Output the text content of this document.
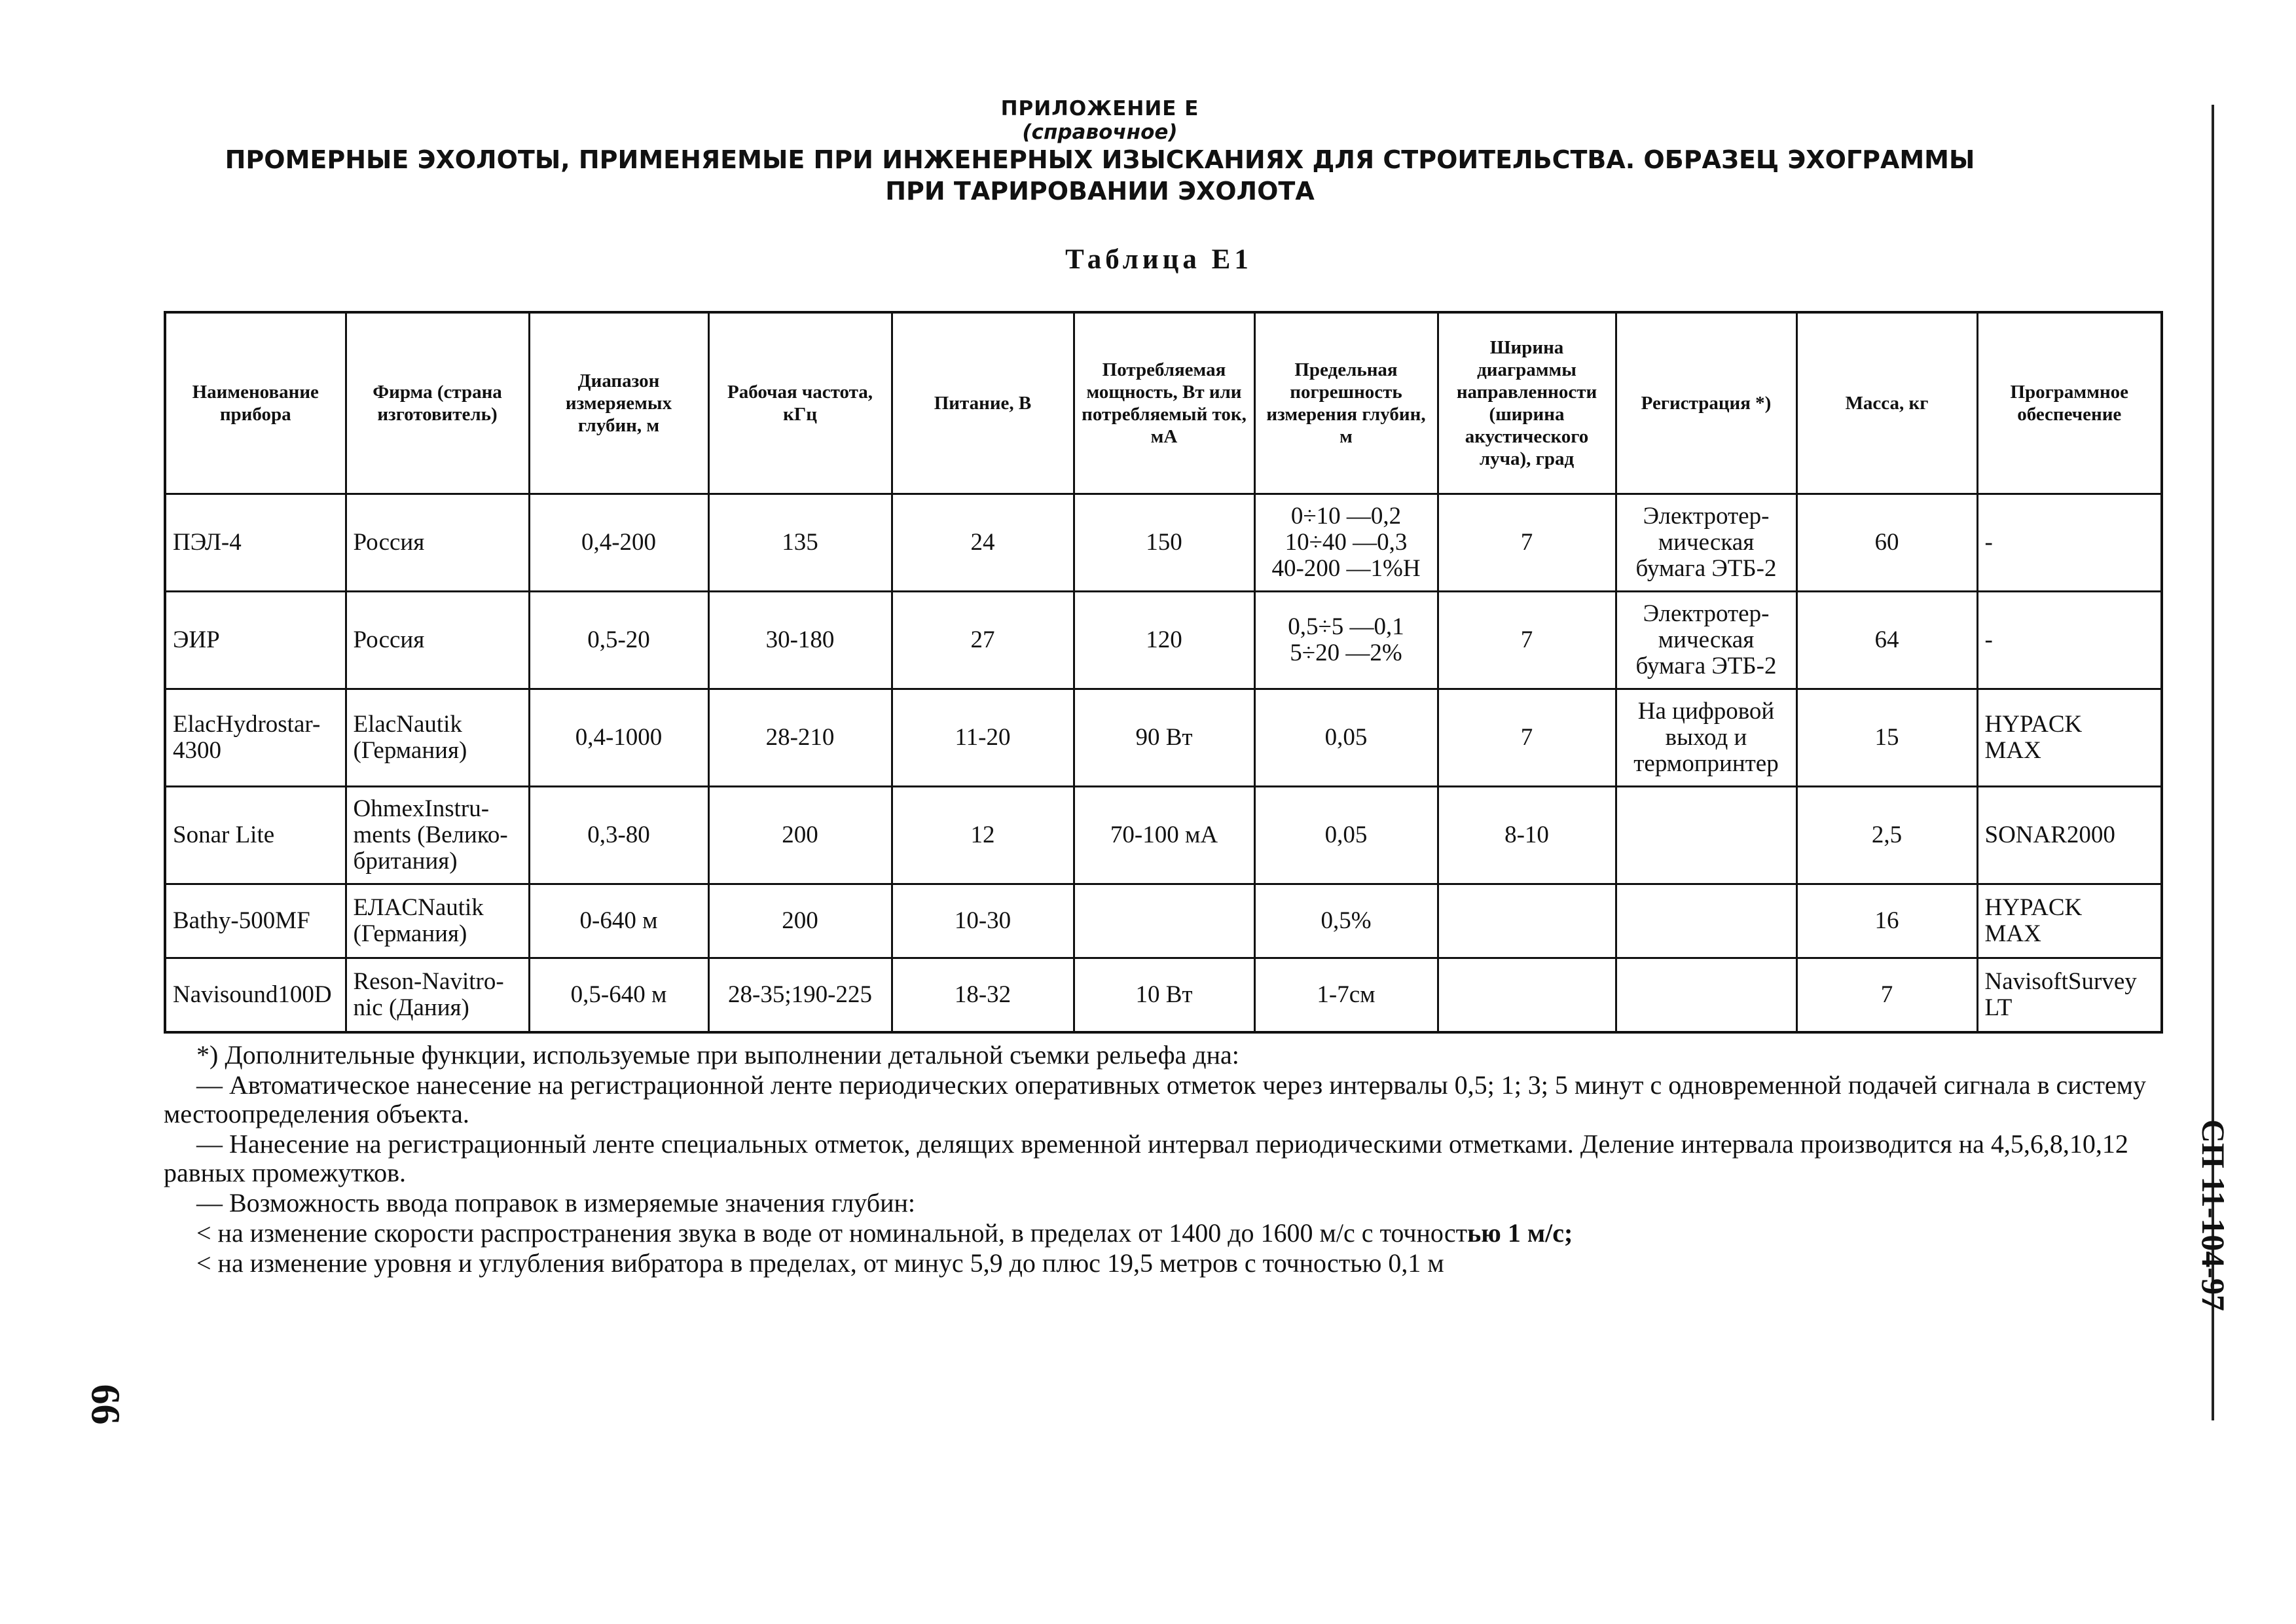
ПРИЛОЖЕНИЕ Е
(справочное)
ПРОМЕРНЫЕ ЭХОЛОТЫ, ПРИМЕНЯЕМЫЕ ПРИ ИНЖЕНЕРНЫХ ИЗЫСКАНИЯХ ДЛЯ СТРОИТЕЛЬСТВА. ОБРАЗЕЦ ЭХОГРАММЫ
ПРИ ТАРИРОВАНИИ ЭХОЛОТА
Таблица Е1
СП 11-104-97
66
Наименование прибора	Фирма (страна изготовитель)	Диапазон измеряемых глубин, м	Рабочая частота, кГц	Питание, В	Потребляемая мощность, Вт или потребляемый ток, мА	Предельная погрешность измерения глубин, м	Ширина диаграммы направленности (ширина акустического луча), град	Регистрация *)	Масса, кг	Программное обеспечение
ПЭЛ-4	Россия	0,4-200	135	24	150	0÷10 —0,2
10÷40 —0,3
40-200 —1%Н	7	Электротер-
мическая
бумага ЭТБ-2	60	-
ЭИР	Россия	0,5-20	30-180	27	120	0,5÷5 —0,1
5÷20 —2%	7	Электротер-
мическая
бумага ЭТБ-2	64	-
ElacHydrostar-
4300	ElacNautik
(Германия)	0,4-1000	28-210	11-20	90 Вт	0,05	7	На цифровой
выход и
термопринтер	15	HYPACK
MAX
Sonar Lite	OhmexInstru-
ments (Велико-
британия)	0,3-80	200	12	70-100 мА	0,05	8-10		2,5	SONAR2000
Bathy-500MF	ЕЛACNautik
(Германия)	0-640 м	200	10-30		0,5%			16	HYPACK
MAX
Navisound100D	Reson-Navitro-
nic (Дания)	0,5-640 м	28-35;190-225	18-32	10 Вт	1-7см			7	NavisoftSurvey
LT

*) Дополнительные функции, используемые при выполнении детальной съемки рельефа дна:

— Автоматическое нанесение на регистрационной ленте периодических оперативных отметок через интервалы 0,5; 1; 3; 5 минут с одновременной подачей сигнала в систему местоопределения объекта.

— Нанесение на регистрационный ленте специальных отметок, делящих временной интервал периодическими отметками. Деление интервала производится на 4,5,6,8,10,12 равных промежутков.

— Возможность ввода поправок в измеряемые значения глубин:

< на изменение скорости распространения звука в воде от номинальной, в пределах от 1400 до 1600 м/с с точностью 1 м/с;

< на изменение уровня и углубления вибратора в пределах, от минус 5,9 до плюс 19,5 метров с точностью 0,1 м
